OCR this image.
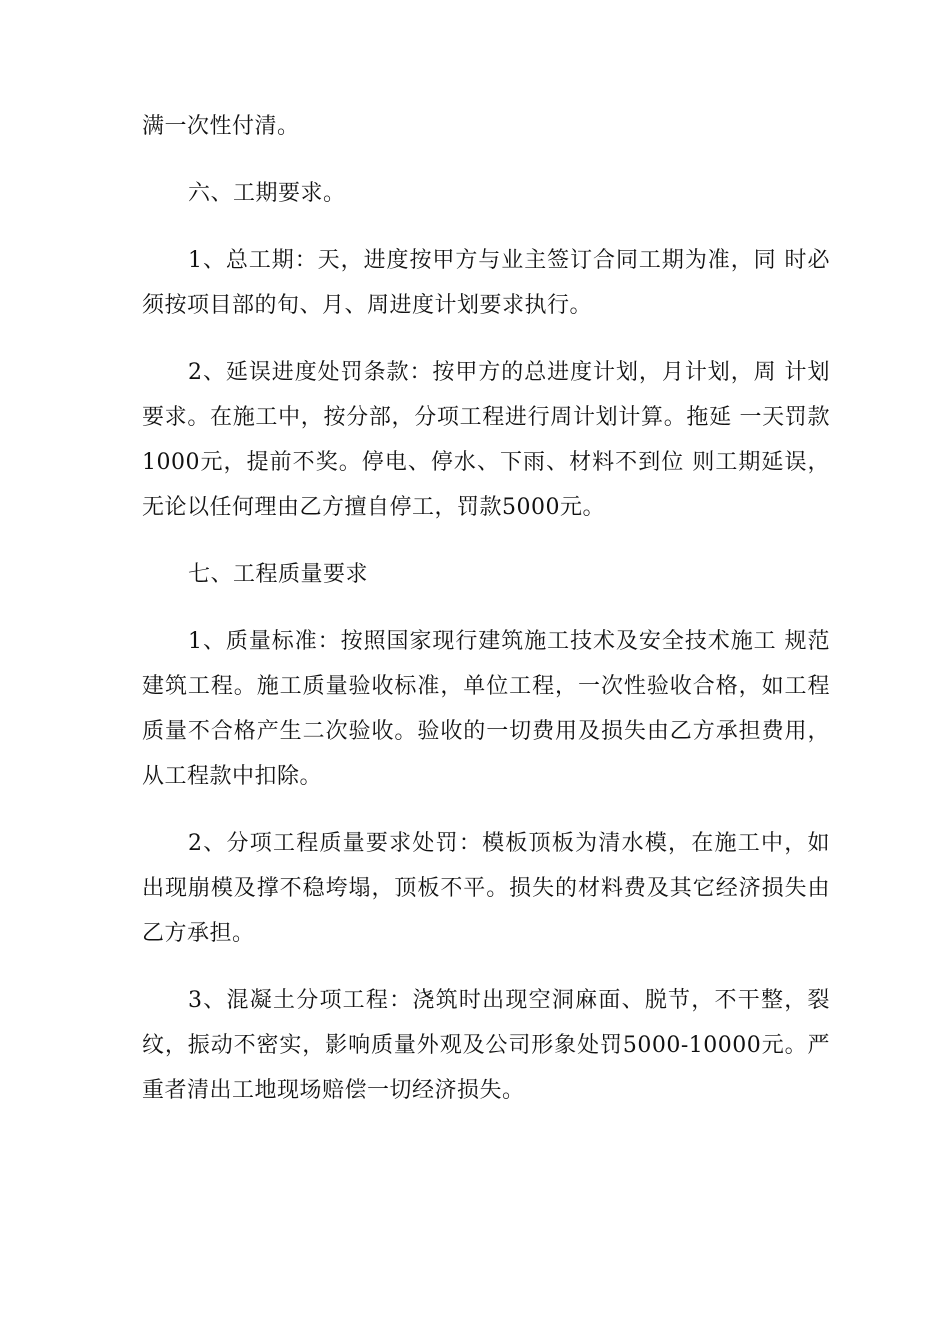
满一次性付清。

六、工期要求。

1、总工期：天，进度按甲方与业主签订合同工期为准，同 时必须按项目部的旬、月、周进度计划要求执行。

2、延误进度处罚条款：按甲方的总进度计划，月计划，周 计划要求。在施工中，按分部，分项工程进行周计划计算。拖延 一天罚款1000元，提前不奖。停电、停水、下雨、材料不到位 则工期延误，无论以任何理由乙方擅自停工，罚款5000元。

七、工程质量要求

1、质量标准：按照国家现行建筑施工技术及安全技术施工 规范建筑工程。施工质量验收标准，单位工程，一次性验收合格，如工程质量不合格产生二次验收。验收的一切费用及损失由乙方承担费用，从工程款中扣除。

2、分项工程质量要求处罚：模板顶板为清水模，在施工中，如出现崩模及撑不稳垮塌，顶板不平。损失的材料费及其它经济损失由乙方承担。

3、混凝土分项工程：浇筑时出现空洞麻面、脱节，不干整，裂纹，振动不密实，影响质量外观及公司形象处罚5000-10000元。严重者清出工地现场赔偿一切经济损失。
